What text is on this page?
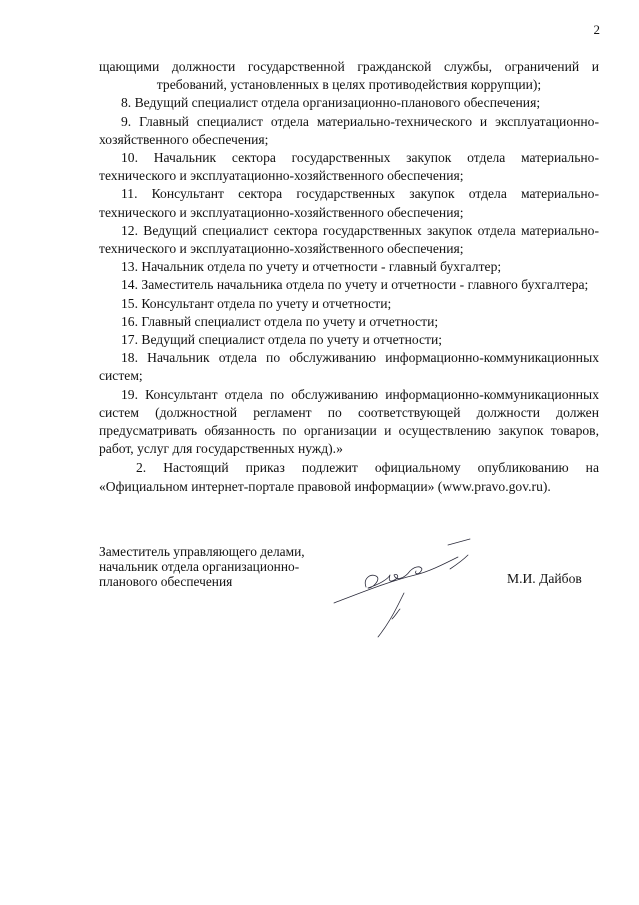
2

щающими должности государственной гражданской службы, ограничений и требований, установленных в целях противодействия коррупции);

8. Ведущий специалист отдела организационно-планового обеспечения;

9. Главный специалист отдела материально-технического и эксплуатационно-хозяйственного обеспечения;

10. Начальник сектора государственных закупок отдела материально-технического и эксплуатационно-хозяйственного обеспечения;

11. Консультант сектора государственных закупок отдела материально-технического и эксплуатационно-хозяйственного обеспечения;

12. Ведущий специалист сектора государственных закупок отдела материально-технического и эксплуатационно-хозяйственного обеспечения;

13. Начальник отдела по учету и отчетности - главный бухгалтер;

14. Заместитель начальника отдела по учету и отчетности - главного бухгалтера;

15. Консультант отдела по учету и отчетности;

16. Главный специалист отдела по учету и отчетности;

17. Ведущий специалист отдела по учету и отчетности;

18. Начальник отдела по обслуживанию информационно-коммуникационных систем;

19. Консультант отдела по обслуживанию информационно-коммуникационных систем (должностной регламент по соответствующей должности должен предусматривать обязанность по организации и осуществлению закупок товаров, работ, услуг для государственных нужд).»

2. Настоящий приказ подлежит официальному опубликованию на «Официальном интернет-портале правовой информации» (www.pravo.gov.ru).

Заместитель управляющего делами,
начальник отдела организационно-
планового обеспечения	М.И. Дайбов
